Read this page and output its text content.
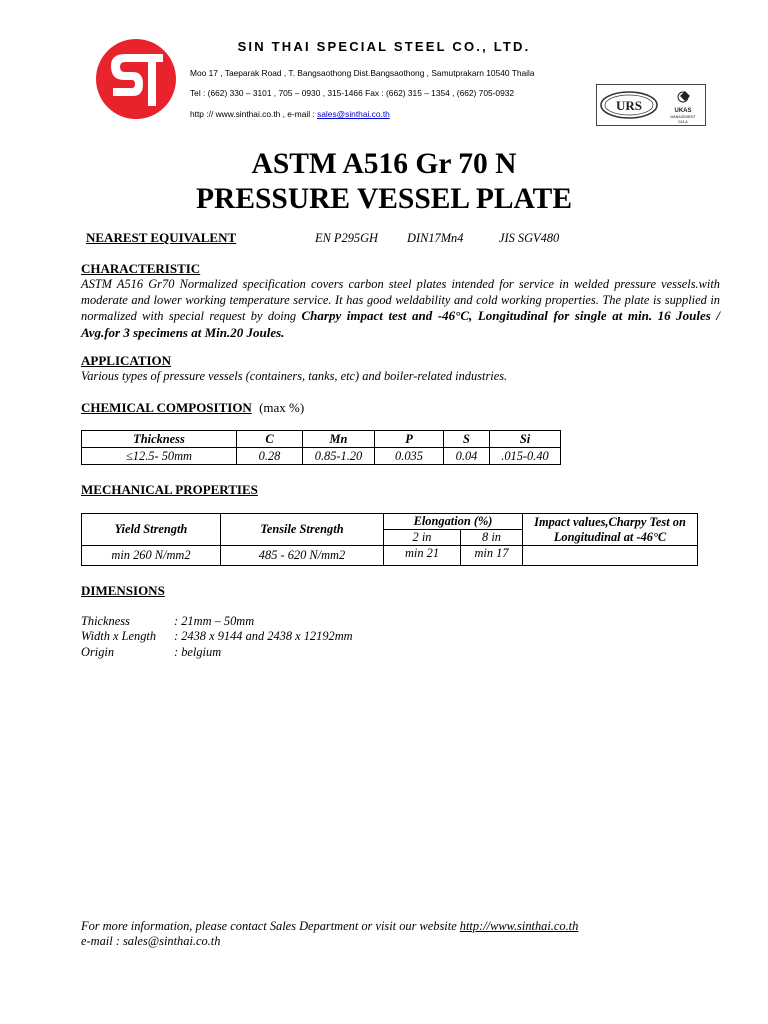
SIN THAI SPECIAL STEEL CO., LTD.
Moo 17 , Taeparak Road , T. Bangsaothong Dist.Bangsaothong , Samutprakarn 10540 Thaila
Tel : (662) 330 – 3101 , 705 – 0930 , 315-1466 Fax : (662) 315 – 1354 , (662) 705-0932
http :// www.sinthai.co.th , e-mail : sales@sinthai.co.th
URS	UKAS
MANAGEMENT
043-A
ASTM A516 Gr 70 N
PRESSURE VESSEL PLATE
NEAREST EQUIVALENT	EN P295GH DIN17Mn4	JIS SGV480
CHARACTERISTIC
ASTM A516 Gr70 Normalized specification covers carbon steel plates intended for service in welded pressure vessels.with moderate and lower working temperature service. It has good weldability and cold working properties. The plate is supplied in normalized with special request by doing Charpy impact test and -46°C, Longitudinal for single at min. 16 Joules / Avg.for 3 specimens at Min.20 Joules.
APPLICATION
Various types of pressure vessels (containers, tanks, etc) and boiler-related industries.
CHEMICAL COMPOSITION (max %)
Thickness	C	Mn	P	S	Si
≤12.5- 50mm	0.28	0.85-1.20	0.035	0.04	.015-0.40
MECHANICAL PROPERTIES
Yield Strength	Tensile Strength	Elongation (%)		Impact values,Charpy Test on Longitudinal at -46°C
		2 in	8 in	
min 260 N/mm2	485 - 620 N/mm2	min 21	min 17	
DIMENSIONS
Thickness	: 21mm – 50mm
Width x Length : 2438 x 9144 and 2438 x 12192mm
Origin	: belgium
For more information, please contact Sales Department or visit our website http://www.sinthai.co.th
e-mail : sales@sinthai.co.th
